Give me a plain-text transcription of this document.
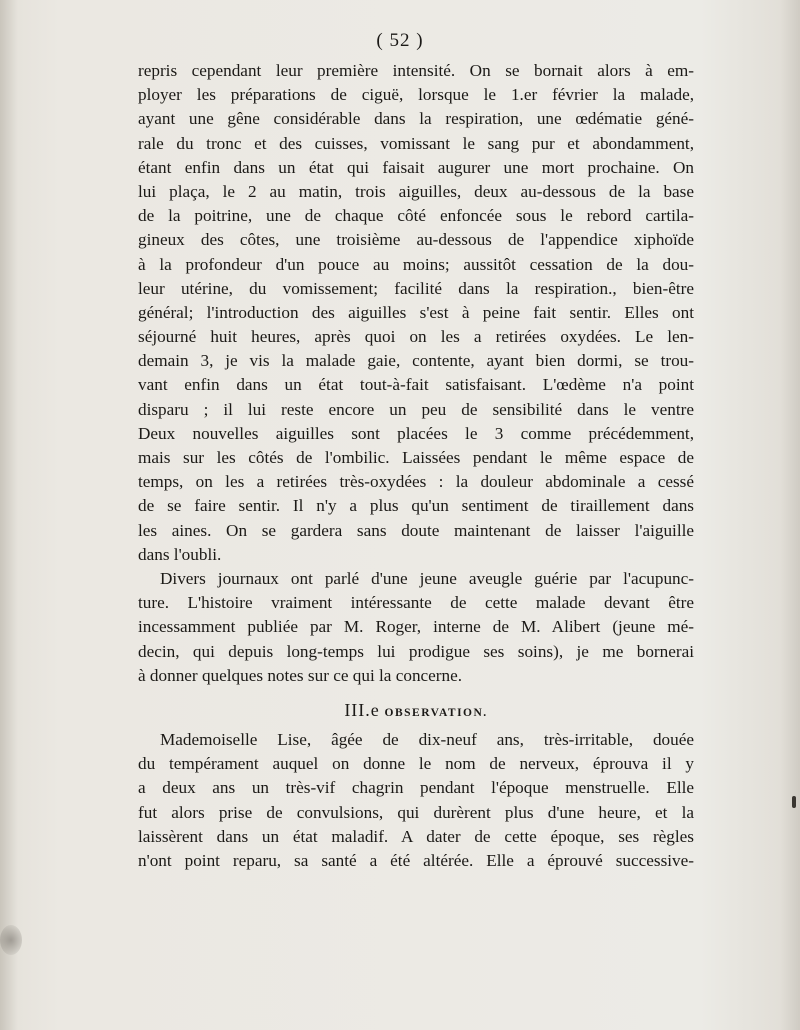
( 52 )
repris cependant leur première intensité. On se bornait alors à em-
ployer les préparations de ciguë, lorsque le 1.er février la malade,
ayant une gêne considérable dans la respiration, une œdématie géné-
rale du tronc et des cuisses, vomissant le sang pur et abondamment,
étant enfin dans un état qui faisait augurer une mort prochaine. On
lui plaça, le 2 au matin, trois aiguilles, deux au-dessous de la base
de la poitrine, une de chaque côté enfoncée sous le rebord cartila-
gineux des côtes, une troisième au-dessous de l'appendice xiphoïde
à la profondeur d'un pouce au moins; aussitôt cessation de la dou-
leur utérine, du vomissement; facilité dans la respiration., bien-être
général; l'introduction des aiguilles s'est à peine fait sentir. Elles ont
séjourné huit heures, après quoi on les a retirées oxydées. Le len-
demain 3, je vis la malade gaie, contente, ayant bien dormi, se trou-
vant enfin dans un état tout-à-fait satisfaisant. L'œdème n'a point
disparu ; il lui reste encore un peu de sensibilité dans le ventre
Deux nouvelles aiguilles sont placées le 3 comme précédemment,
mais sur les côtés de l'ombilic. Laissées pendant le même espace de
temps, on les a retirées très-oxydées : la douleur abdominale a cessé
de se faire sentir. Il n'y a plus qu'un sentiment de tiraillement dans
les aines. On se gardera sans doute maintenant de laisser l'aiguille
dans l'oubli.
Divers journaux ont parlé d'une jeune aveugle guérie par l'acupunc-
ture. L'histoire vraiment intéressante de cette malade devant être
incessamment publiée par M. Roger, interne de M. Alibert (jeune mé-
decin, qui depuis long-temps lui prodigue ses soins), je me bornerai
à donner quelques notes sur ce qui la concerne.
III.e OBSERVATION.
Mademoiselle Lise, âgée de dix-neuf ans, très-irritable, douée
du tempérament auquel on donne le nom de nerveux, éprouva il y
a deux ans un très-vif chagrin pendant l'époque menstruelle. Elle
fut alors prise de convulsions, qui durèrent plus d'une heure, et la
laissèrent dans un état maladif. A dater de cette époque, ses règles
n'ont point reparu, sa santé a été altérée. Elle a éprouvé successive-
